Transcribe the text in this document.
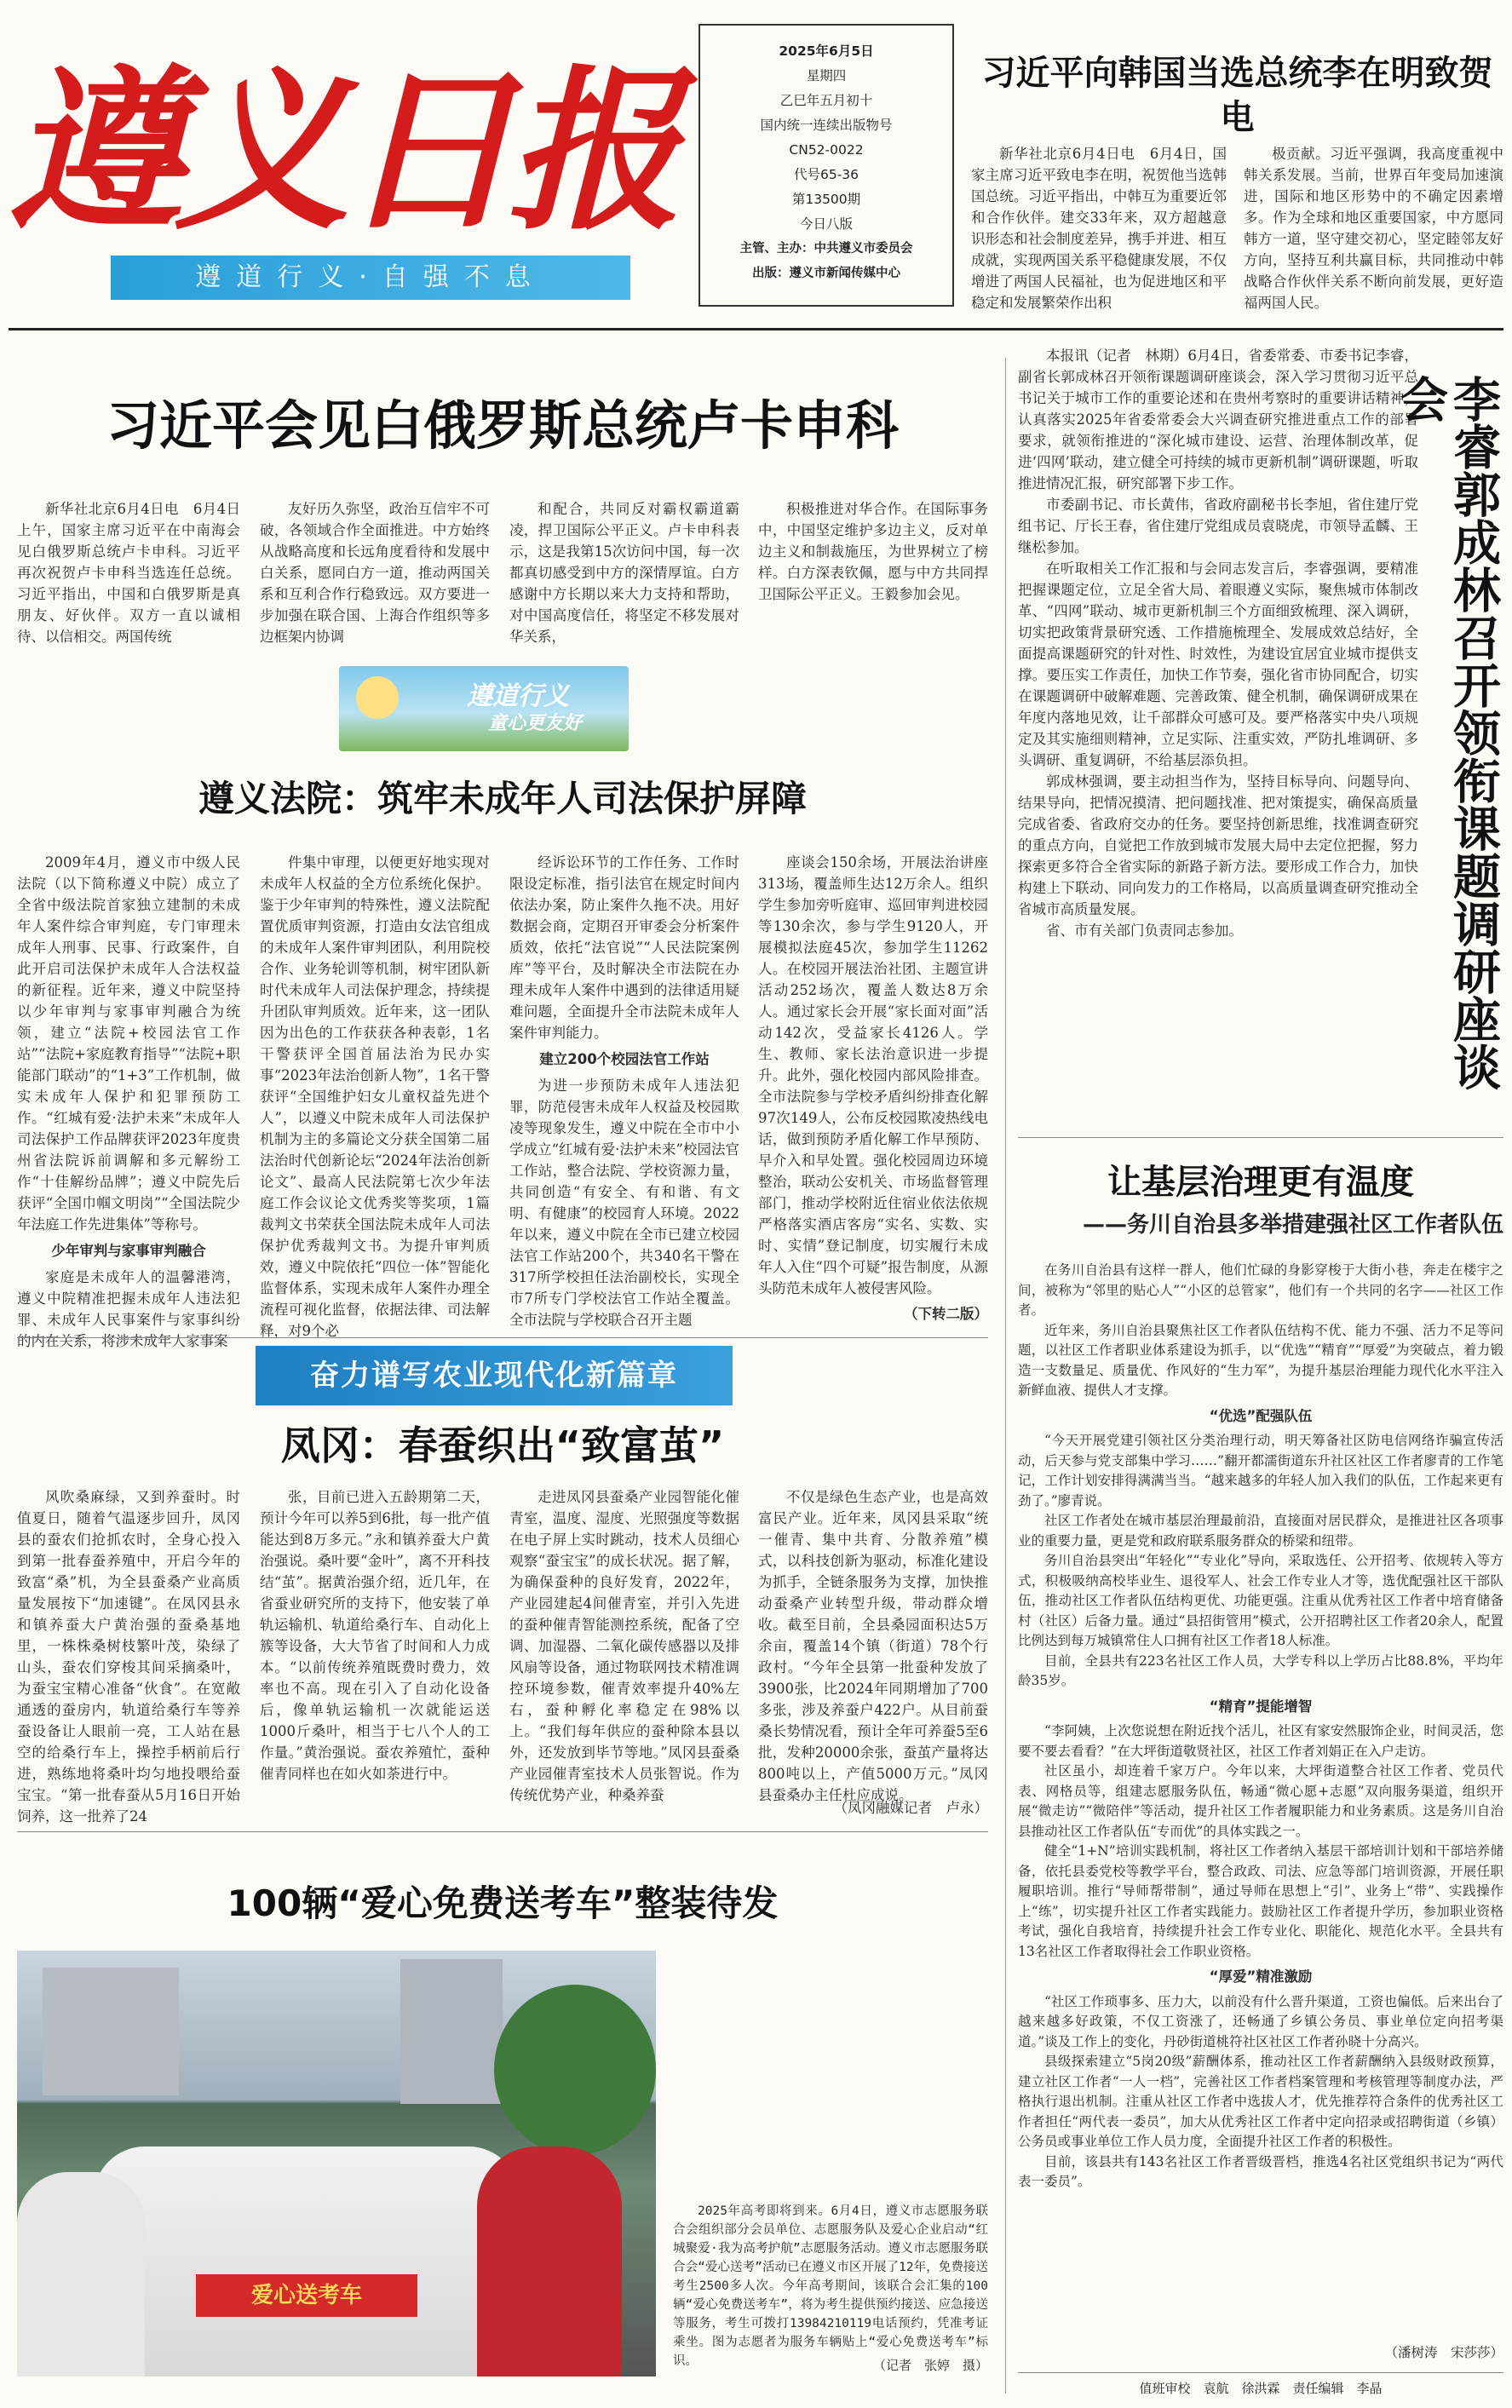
遵义日报
遵道行义·自强不息
2025年6月5日
星期四
乙巳年五月初十
国内统一连续出版物号
CN52-0022
代号65-36
第13500期
今日八版
主管、主办：中共遵义市委员会
出版：遵义市新闻传媒中心
习近平向韩国当选总统李在明致贺电

新华社北京6月4日电　6月4日，国家主席习近平致电李在明，祝贺他当选韩国总统。习近平指出，中韩互为重要近邻和合作伙伴。建交33年来，双方超越意识形态和社会制度差异，携手并进、相互成就，实现两国关系平稳健康发展，不仅增进了两国人民福祉，也为促进地区和平稳定和发展繁荣作出积

极贡献。习近平强调，我高度重视中韩关系发展。当前，世界百年变局加速演进，国际和地区形势中的不确定因素增多。作为全球和地区重要国家，中方愿同韩方一道，坚守建交初心，坚定睦邻友好方向，坚持互利共赢目标，共同推动中韩战略合作伙伴关系不断向前发展，更好造福两国人民。

习近平会见白俄罗斯总统卢卡申科

新华社北京6月4日电　6月4日上午，国家主席习近平在中南海会见白俄罗斯总统卢卡申科。习近平再次祝贺卢卡申科当选连任总统。习近平指出，中国和白俄罗斯是真朋友、好伙伴。双方一直以诚相待、以信相交。两国传统

友好历久弥坚，政治互信牢不可破，各领域合作全面推进。中方始终从战略高度和长远角度看待和发展中白关系，愿同白方一道，推动两国关系和互利合作行稳致远。双方要进一步加强在联合国、上海合作组织等多边框架内协调

和配合，共同反对霸权霸道霸凌，捍卫国际公平正义。卢卡申科表示，这是我第15次访问中国，每一次都真切感受到中方的深情厚谊。白方感谢中方长期以来大力支持和帮助，对中国高度信任，将坚定不移发展对华关系，

积极推进对华合作。在国际事务中，中国坚定维护多边主义，反对单边主义和制裁施压，为世界树立了榜样。白方深表钦佩，愿与中方共同捍卫国际公平正义。王毅参加会见。

遵道行义
童心更友好
遵义法院：筑牢未成年人司法保护屏障

2009年4月，遵义市中级人民法院（以下简称遵义中院）成立了全省中级法院首家独立建制的未成年人案件综合审判庭，专门审理未成年人刑事、民事、行政案件，自此开启司法保护未成年人合法权益的新征程。近年来，遵义中院坚持以少年审判与家事审判融合为统领，建立“法院+校园法官工作站”“法院+家庭教育指导”“法院+职能部门联动”的“1+3”工作机制，做实未成年人保护和犯罪预防工作。“红城有爱·法护未来”未成年人司法保护工作品牌获评2023年度贵州省法院诉前调解和多元解纷工作“十佳解纷品牌”；遵义中院先后获评“全国巾帼文明岗”“全国法院少年法庭工作先进集体”等称号。

少年审判与家事审判融合

家庭是未成年人的温馨港湾，遵义中院精准把握未成年人违法犯罪、未成年人民事案件与家事纠纷的内在关系，将涉未成年人家事案

件集中审理，以便更好地实现对未成年人权益的全方位系统化保护。鉴于少年审判的特殊性，遵义法院配置优质审判资源，打造由女法官组成的未成年人案件审判团队，利用院校合作、业务轮训等机制，树牢团队新时代未成年人司法保护理念，持续提升团队审判质效。近年来，这一团队因为出色的工作获获各种表彰，1名干警获评全国首届法治为民办实事“2023年法治创新人物”，1名干警获评“全国维护妇女儿童权益先进个人”，以遵义中院未成年人司法保护机制为主的多篇论文分获全国第二届法治时代创新论坛“2024年法治创新论文”、最高人民法院第七次少年法庭工作会议论文优秀奖等奖项，1篇裁判文书荣获全国法院未成年人司法保护优秀裁判文书。为提升审判质效，遵义中院依托“四位一体”智能化监督体系，实现未成年人案件办理全流程可视化监督，依据法律、司法解释，对9个必

经诉讼环节的工作任务、工作时限设定标准，指引法官在规定时间内依法办案，防止案件久拖不决。用好数据会商，定期召开审委会分析案件质效，依托“法官说”“人民法院案例库”等平台，及时解决全市法院在办理未成年人案件中遇到的法律适用疑难问题，全面提升全市法院未成年人案件审判能力。

建立200个校园法官工作站

为进一步预防未成年人违法犯罪，防范侵害未成年人权益及校园欺凌等现象发生，遵义中院在全市中小学成立“红城有爱·法护未来”校园法官工作站，整合法院、学校资源力量，共同创造“有安全、有和谐、有文明、有健康”的校园育人环境。2022年以来，遵义中院在全市已建立校园法官工作站200个，共340名干警在317所学校担任法治副校长，实现全市7所专门学校法官工作站全覆盖。全市法院与学校联合召开主题

座谈会150余场，开展法治讲座313场，覆盖师生达12万余人。组织学生参加旁听庭审、巡回审判进校园等130余次，参与学生9120人，开展模拟法庭45次，参加学生11262人。在校园开展法治社团、主题宣讲活动252场次，覆盖人数达8万余人。通过家长会开展“家长面对面”活动142次，受益家长4126人。学生、教师、家长法治意识进一步提升。此外，强化校园内部风险排查。全市法院参与学校矛盾纠纷排查化解97次149人，公布反校园欺凌热线电话，做到预防矛盾化解工作早预防、早介入和早处置。强化校园周边环境整治，联动公安机关、市场监督管理部门，推动学校附近住宿业依法依规严格落实酒店客房“实名、实数、实时、实情”登记制度，切实履行未成年人入住“四个可疑”报告制度，从源头防范未成年人被侵害风险。

（下转二版）
奋力谱写农业现代化新篇章
凤冈：春蚕织出“致富茧”

风吹桑麻绿，又到养蚕时。时值夏日，随着气温逐步回升，凤冈县的蚕农们抢抓农时，全身心投入到第一批春蚕养殖中，开启今年的致富“桑”机，为全县蚕桑产业高质量发展按下“加速键”。在凤冈县永和镇养蚕大户黄治强的蚕桑基地里，一株株桑树枝繁叶茂，染绿了山头，蚕农们穿梭其间采摘桑叶，为蚕宝宝精心准备“伙食”。在宽敞通透的蚕房内，轨道给桑行车等养蚕设备让人眼前一亮，工人站在悬空的给桑行车上，操控手柄前后行进，熟练地将桑叶均匀地投喂给蚕宝宝。“第一批春蚕从5月16日开始饲养，这一批养了24

张，目前已进入五龄期第二天，预计今年可以养5到6批，每一批产值能达到8万多元。”永和镇养蚕大户黄治强说。桑叶要“金叶”，离不开科技结“茧”。据黄治强介绍，近几年，在省蚕业研究所的支持下，他安装了单轨运输机、轨道给桑行车、自动化上簇等设备，大大节省了时间和人力成本。“以前传统养殖既费时费力，效率也不高。现在引入了自动化设备后，像单轨运输机一次就能运送1000斤桑叶，相当于七八个人的工作量。”黄治强说。蚕农养殖忙，蚕种催青同样也在如火如荼进行中。

走进凤冈县蚕桑产业园智能化催青室，温度、湿度、光照强度等数据在电子屏上实时跳动，技术人员细心观察“蚕宝宝”的成长状况。据了解，为确保蚕种的良好发育，2022年，产业园建起4间催青室，并引入先进的蚕种催青智能测控系统，配备了空调、加湿器、二氧化碳传感器以及排风扇等设备，通过物联网技术精准调控环境参数，催青效率提升40%左右，蚕种孵化率稳定在98%以上。“我们每年供应的蚕种除本县以外，还发放到毕节等地。”凤冈县蚕桑产业园催青室技术人员张智说。作为传统优势产业，种桑养蚕

不仅是绿色生态产业，也是高效富民产业。近年来，凤冈县采取“统一催青、集中共育、分散养殖”模式，以科技创新为驱动，标准化建设为抓手，全链条服务为支撑，加快推动蚕桑产业转型升级，带动群众增收。截至目前，全县桑园面积达5万余亩，覆盖14个镇（街道）78个行政村。“今年全县第一批蚕种发放了3900张，比2024年同期增加了700多张，涉及养蚕户422户。从目前蚕桑长势情况看，预计全年可养蚕5至6批，发种20000余张，蚕茧产量将达800吨以上，产值5000万元。”凤冈县蚕桑办主任杜应成说。

（凤冈融媒记者　卢永）
100辆“爱心免费送考车”整装待发
爱心送考车

2025年高考即将到来。6月4日，遵义市志愿服务联合会组织部分会员单位、志愿服务队及爱心企业启动“红城聚爱·我为高考护航”志愿服务活动。遵义市志愿服务联合会“爱心送考”活动已在遵义市区开展了12年，免费接送考生2500多人次。今年高考期间，该联合会汇集的100辆“爱心免费送考车”，将为考生提供预约接送、应急接送等服务，考生可拨打13984210119电话预约，凭准考证乘坐。图为志愿者为服务车辆贴上“爱心免费送考车”标识。	（记者　张婷　摄）

本报讯（记者　林期）6月4日，省委常委、市委书记李睿，副省长郭成林召开领衔课题调研座谈会，深入学习贯彻习近平总书记关于城市工作的重要论述和在贵州考察时的重要讲话精神，认真落实2025年省委常委会大兴调查研究推进重点工作的部署要求，就领衔推进的“深化城市建设、运营、治理体制改革，促进‘四网’联动，建立健全可持续的城市更新机制”调研课题，听取推进情况汇报，研究部署下步工作。

市委副书记、市长黄伟，省政府副秘书长李旭，省住建厅党组书记、厅长王春，省住建厅党组成员袁晓虎，市领导孟麟、王继松参加。

在听取相关工作汇报和与会同志发言后，李睿强调，要精准把握课题定位，立足全省大局、着眼遵义实际，聚焦城市体制改革、“四网”联动、城市更新机制三个方面细致梳理、深入调研，切实把政策背景研究透、工作措施梳理全、发展成效总结好，全面提高课题研究的针对性、时效性，为建设宜居宜业城市提供支撑。要压实工作责任，加快工作节奏，强化省市协同配合，切实在课题调研中破解难题、完善政策、健全机制，确保调研成果在年度内落地见效，让千部群众可感可及。要严格落实中央八项规定及其实施细则精神，立足实际、注重实效，严防扎堆调研、多头调研、重复调研，不给基层添负担。

郭成林强调，要主动担当作为，坚持目标导向、问题导向、结果导向，把情况摸清、把问题找准、把对策提实，确保高质量完成省委、省政府交办的任务。要坚持创新思维，找准调查研究的重点方向，自觉把工作放到城市发展大局中去定位把握，努力探索更多符合全省实际的新路子新方法。要形成工作合力，加快构建上下联动、同向发力的工作格局，以高质量调查研究推动全省城市高质量发展。

省、市有关部门负责同志参加。	李睿郭成林召开领衔课题调研座谈会
让基层治理更有温度
——务川自治县多举措建强社区工作者队伍

在务川自治县有这样一群人，他们忙碌的身影穿梭于大街小巷，奔走在楼宇之间，被称为“邻里的贴心人”“小区的总管家”，他们有一个共同的名字——社区工作者。

近年来，务川自治县聚焦社区工作者队伍结构不优、能力不强、活力不足等问题，以社区工作者职业体系建设为抓手，以“优选”“精育”“厚爱”为突破点，着力锻造一支数量足、质量优、作风好的“生力军”，为提升基层治理能力现代化水平注入新鲜血液、提供人才支撑。

“优选”配强队伍

“今天开展党建引领社区分类治理行动，明天筹备社区防电信网络诈骗宣传活动，后天参与党支部集中学习……”翻开都濡街道东升社区社区工作者廖青的工作笔记，工作计划安排得满满当当。“越来越多的年轻人加入我们的队伍，工作起来更有劲了。”廖青说。

社区工作者处在城市基层治理最前沿，直接面对居民群众，是推进社区各项事业的重要力量，更是党和政府联系服务群众的桥梁和纽带。

务川自治县突出“年轻化”“专业化”导向，采取选任、公开招考、依规转入等方式，积极吸纳高校毕业生、退役军人、社会工作专业人才等，选优配强社区干部队伍，推动社区工作者队伍结构更优、功能更强。注重从优秀社区工作者中培育储备村（社区）后备力量。通过“县招街管用”模式，公开招聘社区工作者20余人，配置比例达到每万城镇常住人口拥有社区工作者18人标准。

目前，全县共有223名社区工作人员，大学专科以上学历占比88.8%，平均年龄35岁。

“精育”提能增智

“李阿姨，上次您说想在附近找个活儿，社区有家安然服饰企业，时间灵活，您要不要去看看？”在大坪街道敬贤社区，社区工作者刘娟正在入户走访。

社区虽小，却连着千家万户。今年以来，大坪街道整合社区工作者、党员代表、网格员等，组建志愿服务队伍，畅通“微心愿+志愿”双向服务渠道，组织开展“微走访”“微陪伴”等活动，提升社区工作者履职能力和业务素质。这是务川自治县推动社区工作者队伍“专而优”的具体实践之一。

健全“1+N”培训实践机制，将社区工作者纳入基层干部培训计划和干部培养储备，依托县委党校等教学平台，整合政政、司法、应急等部门培训资源，开展任职履职培训。推行“导师帮带制”，通过导师在思想上“引”、业务上“带”、实践操作上“练”，切实提升社区工作者实践能力。鼓励社区工作者提升学历，参加职业资格考试，强化自我培育，持续提升社会工作专业化、职能化、规范化水平。全县共有13名社区工作者取得社会工作职业资格。

“厚爱”精准激励

“社区工作琐事多、压力大，以前没有什么晋升渠道，工资也偏低。后来出台了越来越多好政策，不仅工资涨了，还畅通了乡镇公务员、事业单位定向招考渠道。”谈及工作上的变化，丹砂街道桃符社区社区工作者孙晓十分高兴。

县级探索建立“5岗20级”薪酬体系，推动社区工作者薪酬纳入县级财政预算，建立社区工作者“一人一档”，完善社区工作者档案管理和考核管理等制度办法，严格执行退出机制。注重从社区工作者中选拔人才，优先推荐符合条件的优秀社区工作者担任“两代表一委员”，加大从优秀社区工作者中定向招录或招聘街道（乡镇）公务员或事业单位工作人员力度，全面提升社区工作者的积极性。

目前，该县共有143名社区工作者晋级晋档，推选4名社区党组织书记为“两代表一委员”。

（潘树涛　宋莎莎）
值班审校　袁航　徐洪霖　责任编辑　李晶
